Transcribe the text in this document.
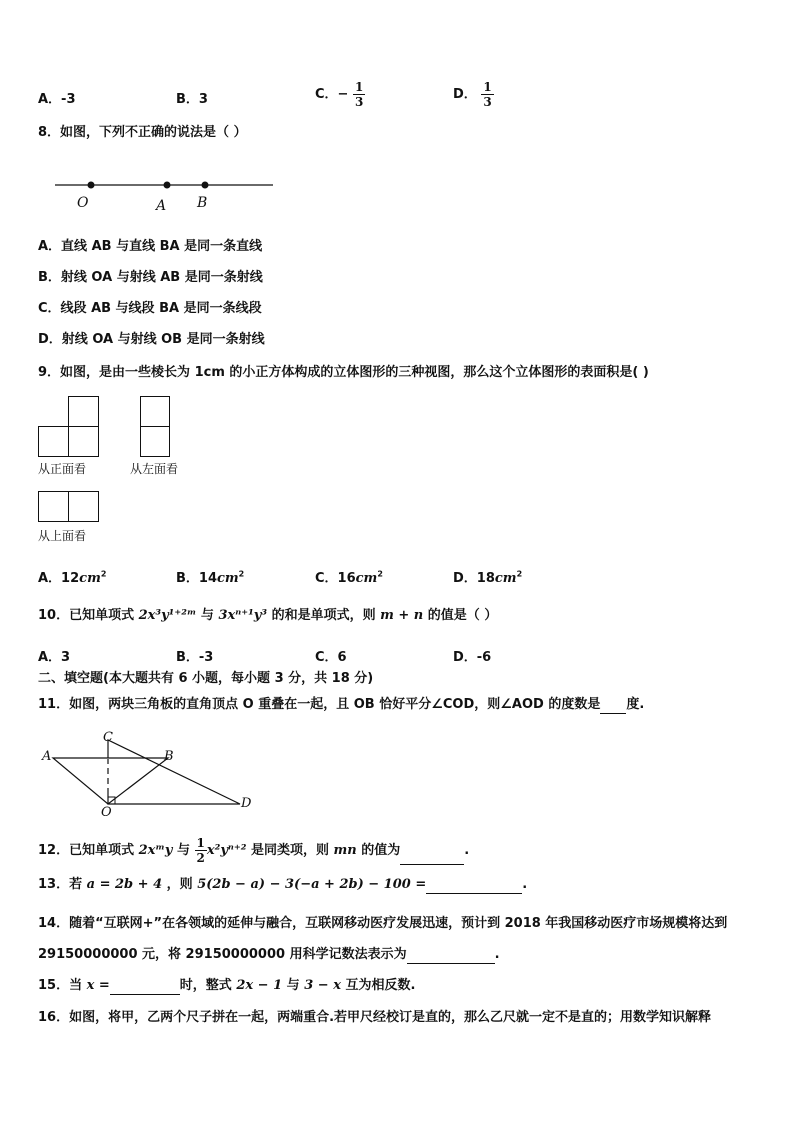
A．-3	B．3	C．− $\frac{1}{3}$	D． $\frac{1}{3}$
8．如图，下列不正确的说法是（ ）
O	A B
A．直线 AB 与直线 BA 是同一条直线
B．射线 OA 与射线 AB 是同一条射线
C．线段 AB 与线段 BA 是同一条线段
D．射线 OA 与射线 OB 是同一条射线
9．如图，是由一些棱长为 1cm 的小正方体构成的立体图形的三种视图，那么这个立体图形的表面积是( )
从正面看	从左面看
从上面看
A．$12cm^2$	B．$14cm^2$	C．$16cm^2$	D．$18cm^2$
10．已知单项式 2x³y¹⁺²ᵐ 与 3xⁿ⁺¹y³ 的和是单项式，则 m + n 的值是（ ）
A．3	B．-3	C．6	D．-6
二、填空题(本大题共有 6 小题，每小题 3 分，共 18 分)
11．如图，两块三角板的直角顶点 O 重叠在一起，且 OB 恰好平分∠COD，则∠AOD 的度数是 度.
A	B
C
O
D
12．已知单项式 2xᵐy 与 $\frac{1}{2} x^2y^{n+2}$ 是同类项，则 mn 的值为	.
13．若 a = 2b + 4 ，则 5(2b − a) − 3(−a + 2b) − 100 =	.
14．随着“互联网+”在各领域的延伸与融合，互联网移动医疗发展迅速，预计到 2018 年我国移动医疗市场规模将达到
29150000000 元，将 29150000000 用科学记数法表示为	.
15．当 x =	时，整式 2x − 1 与 3 − x 互为相反数.
16．如图，将甲，乙两个尺子拼在一起，两端重合.若甲尺经校订是直的，那么乙尺就一定不是直的；用数学知识解释
